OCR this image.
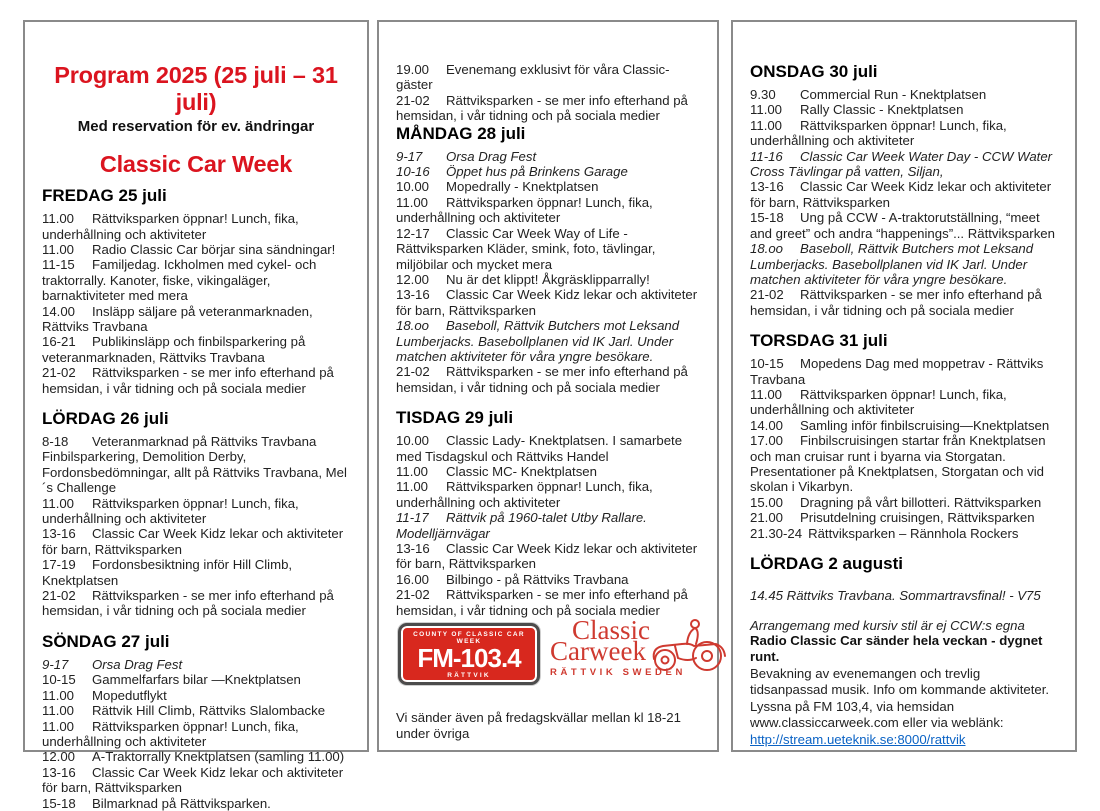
Program 2025 (25 juli – 31 juli)

Med reservation för ev. ändringar

Classic Car Week
FREDAG 25 juli

11.00 Rättviksparken öppnar! Lunch, fika, underhållning och aktiviteter

11.00 Radio Classic Car börjar sina sändningar!

11-15 Familjedag. Ickholmen med cykel- och traktorrally. Kanoter, fiske, vikingaläger, barnaktiviteter med mera

14.00 Insläpp säljare på veteranmarknaden, Rättviks Travbana

16-21 Publikinsläpp och finbilsparkering på veteranmarknaden, Rättviks Travbana

21-02 Rättviksparken - se mer info efterhand på hemsidan, i vår tidning och på sociala medier

LÖRDAG 26 juli

8-18 Veteranmarknad på Rättviks Travbana Finbilsparkering, Demolition Derby, Fordonsbedömningar, allt på Rättviks Travbana, Mel´s Challenge

11.00 Rättviksparken öppnar! Lunch, fika, underhållning och aktiviteter

13-16 Classic Car Week Kidz lekar och aktiviteter för barn, Rättviksparken

17-19 Fordonsbesiktning inför Hill Climb, Knektplatsen

21-02 Rättviksparken - se mer info efterhand på hemsidan, i vår tidning och på sociala medier

SÖNDAG 27 juli

9-17 Orsa Drag Fest

10-15 Gammelfarfars bilar —Knektplatsen

11.00 Mopedutflykt

11.00 Rättvik Hill Climb, Rättviks Slalombacke

11.00 Rättviksparken öppnar! Lunch, fika, underhållning och aktiviteter

12.00 A-Traktorrally Knektplatsen (samling 11.00)

13-16 Classic Car Week Kidz lekar och aktiviteter för barn, Rättviksparken

15-18 Bilmarknad på Rättviksparken.

19.00 Evenemang exklusivt för våra Classic-gäster

21-02 Rättviksparken - se mer info efterhand på hemsidan, i vår tidning och på sociala medier

MÅNDAG 28 juli

9-17 Orsa Drag Fest

10-16 Öppet hus på Brinkens Garage

10.00 Mopedrally - Knektplatsen

11.00 Rättviksparken öppnar! Lunch, fika, underhållning och aktiviteter

12-17 Classic Car Week Way of Life - Rättviksparken Kläder, smink, foto, tävlingar, miljöbilar och mycket mera

12.00 Nu är det klippt! Åkgräsklipparrally!

13-16 Classic Car Week Kidz lekar och aktiviteter för barn, Rättviksparken

18.oo Baseboll, Rättvik Butchers mot Leksand Lumberjacks. Basebollplanen vid IK Jarl. Under matchen aktiviteter för våra yngre besökare.

21-02 Rättviksparken - se mer info efterhand på hemsidan, i vår tidning och på sociala medier

TISDAG 29 juli

10.00 Classic Lady- Knektplatsen. I samarbete med Tisdagskul och Rättviks Handel

11.00 Classic MC- Knektplatsen

11.00 Rättviksparken öppnar! Lunch, fika, underhållning och aktiviteter

11-17 Rättvik på 1960-talet Utby Rallare. Modelljärnvägar

13-16 Classic Car Week Kidz lekar och aktiviteter för barn, Rättviksparken

16.00 Bilbingo - på Rättviks Travbana

21-02 Rättviksparken - se mer info efterhand på hemsidan, i vår tidning och på sociala medier

COUNTY OF CLASSIC CAR WEEK
FM-103.4
RÄTTVIK
Classic
Carweek
RÄTTVIK SWEDEN

Vi sänder även på fredagskvällar mellan kl 18-21 under övriga

ONSDAG 30 juli

9.30 Commercial Run - Knektplatsen

11.00 Rally Classic - Knektplatsen

11.00 Rättviksparken öppnar! Lunch, fika, underhållning och aktiviteter

11-16 Classic Car Week Water Day - CCW Water Cross Tävlingar på vatten, Siljan,

13-16 Classic Car Week Kidz lekar och aktiviteter för barn, Rättviksparken

15-18 Ung på CCW - A-traktorutställning, “meet and greet” och andra “happenings”... Rättviksparken

18.oo Baseboll, Rättvik Butchers mot Leksand Lumberjacks. Basebollplanen vid IK Jarl. Under matchen aktiviteter för våra yngre besökare.

21-02 Rättviksparken - se mer info efterhand på hemsidan, i vår tidning och på sociala medier

TORSDAG 31 juli

10-15 Mopedens Dag med moppetrav - Rättviks Travbana

11.00 Rättviksparken öppnar! Lunch, fika, underhållning och aktiviteter

14.00 Samling inför finbilscruising—Knektplatsen

17.00 Finbilscruisingen startar från Knektplatsen och man cruisar runt i byarna via Storgatan. Presentationer på Knektplatsen, Storgatan och vid skolan i Vikarbyn.

15.00 Dragning på vårt billotteri. Rättviksparken

21.00 Prisutdelning cruisingen, Rättviksparken

21.30-24 Rättviksparken – Rännhola Rockers

LÖRDAG 2 augusti

14.45 Rättviks Travbana. Sommartravsfinal! - V75

Arrangemang med kursiv stil är ej CCW:s egna

Radio Classic Car sänder hela veckan - dygnet runt.

Bevakning av evenemangen och trevlig tidsanpassad musik. Info om kommande aktiviteter. Lyssna på FM 103,4, via hemsidan www.classiccarweek.com eller via weblänk:

http://stream.ueteknik.se:8000/rattvik
